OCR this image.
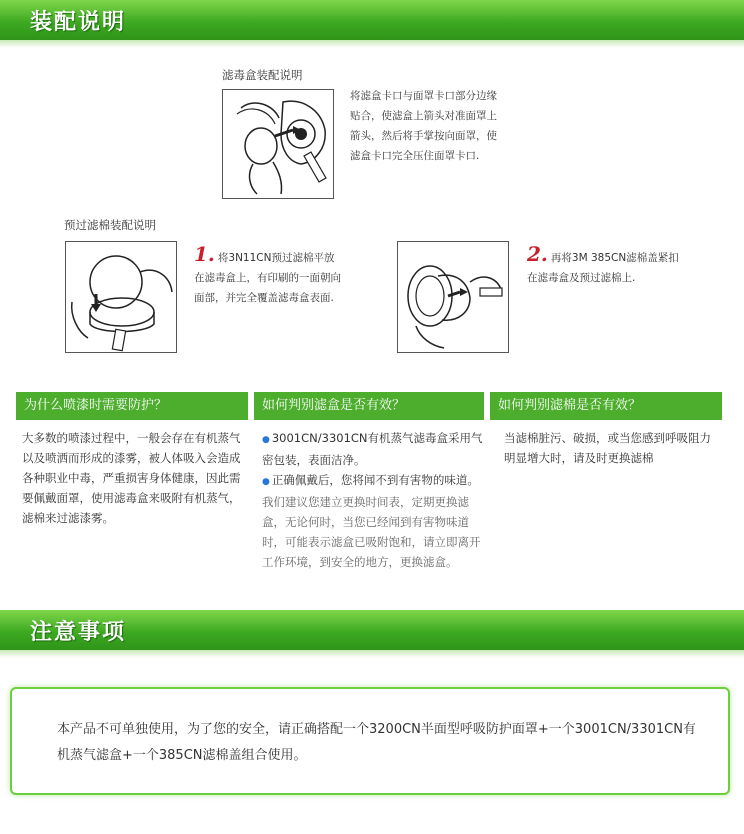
装配说明
滤毒盒装配说明
将滤盒卡口与面罩卡口部分边缘贴合，使滤盒上箭头对准面罩上箭头，然后将手掌按向面罩，使滤盒卡口完全压住面罩卡口.
预过滤棉装配说明
1. 将3N11CN预过滤棉平放在滤毒盒上，有印刷的一面朝向面部，并完全覆盖滤毒盒表面.
2. 再将3M 385CN滤棉盖紧扣在滤毒盒及预过滤棉上.
为什么喷漆时需要防护？	如何判别滤盒是否有效？	如何判别滤棉是否有效？
大多数的喷漆过程中，一般会存在有机蒸气以及喷洒而形成的漆雾，被人体吸入会造成各种职业中毒，严重损害身体健康，因此需要佩戴面罩，使用滤毒盒来吸附有机蒸气，滤棉来过滤漆雾。
● 3001CN/3301CN有机蒸气滤毒盒采用气密包装，表面洁净。
● 正确佩戴后，您将闻不到有害物的味道。
我们建议您建立更换时间表，定期更换滤盒，无论何时，当您已经闻到有害物味道时，可能表示滤盒已吸附饱和，请立即离开工作环境，到安全的地方，更换滤盒。
当滤棉脏污、破损，或当您感到呼吸阻力明显增大时，请及时更换滤棉
注意事项
本产品不可单独使用，为了您的安全，请正确搭配一个3200CN半面型呼吸防护面罩+一个3001CN/3301CN有机蒸气滤盒+一个385CN滤棉盖组合使用。
